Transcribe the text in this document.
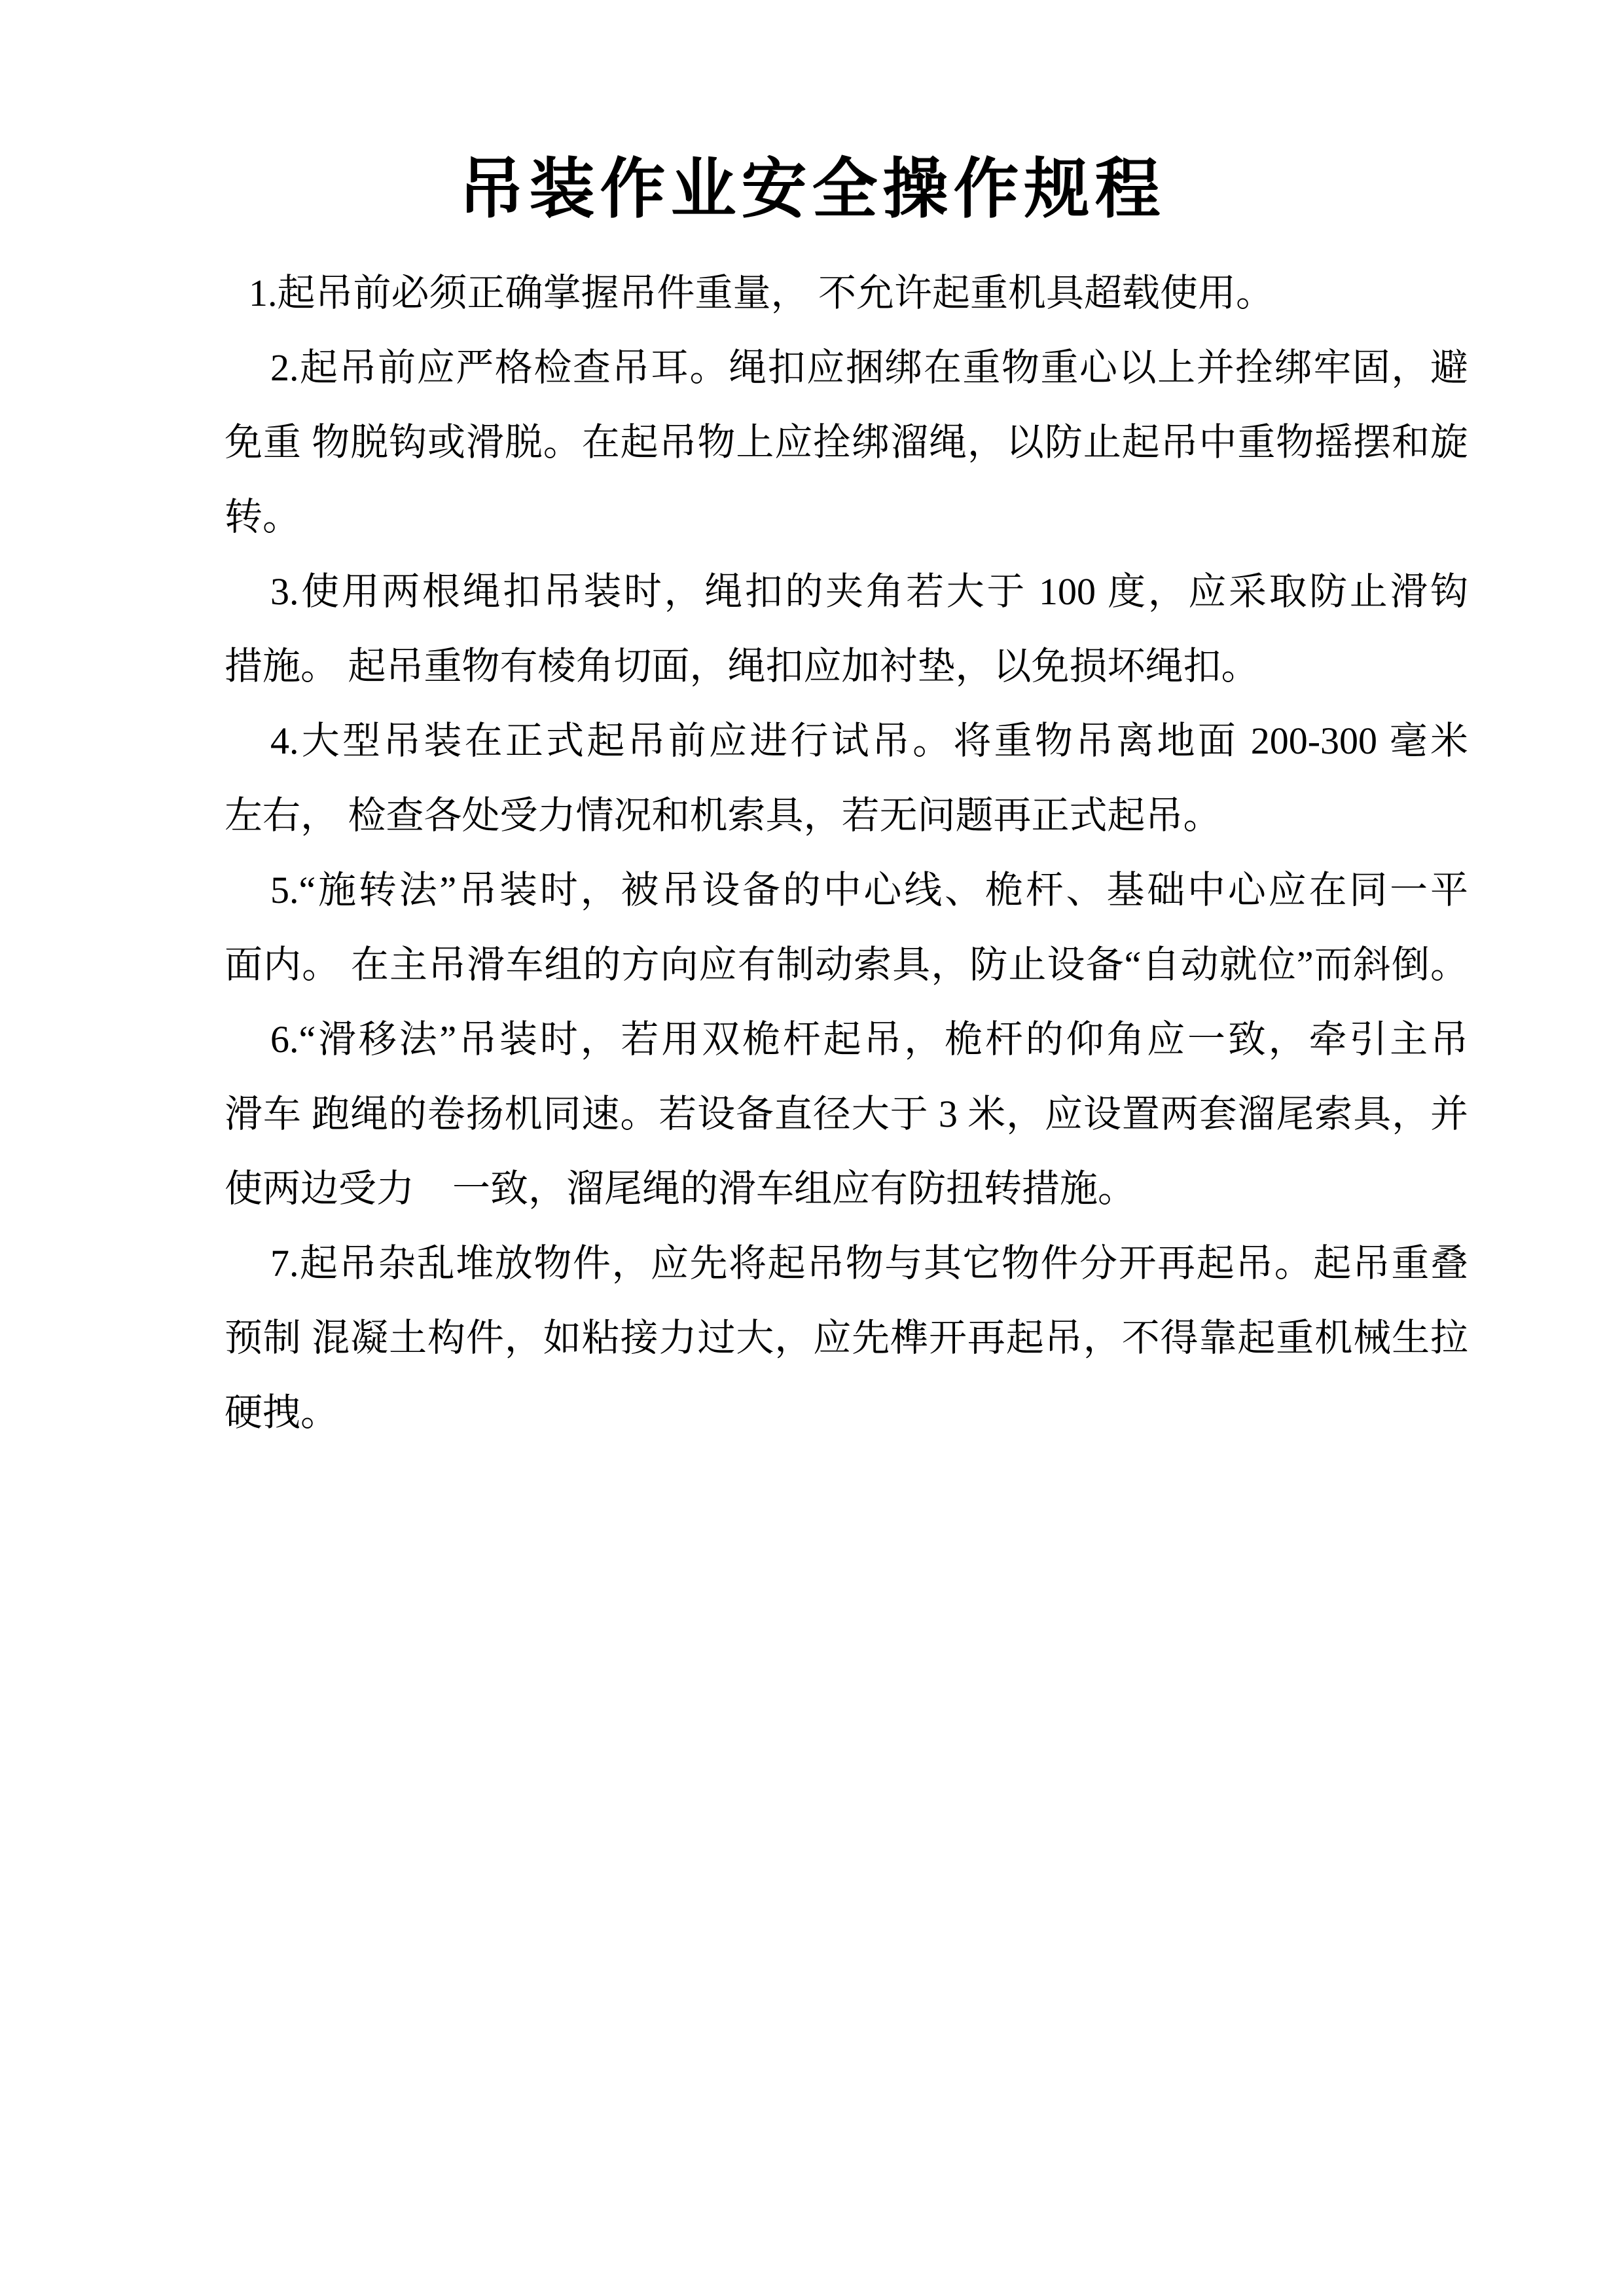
吊装作业安全操作规程
1.起吊前必须正确掌握吊件重量， 不允许起重机具超载使用。
2.起吊前应严格检查吊耳。绳扣应捆绑在重物重心以上并拴绑牢固，避
免重 物脱钩或滑脱。在起吊物上应拴绑溜绳，以防止起吊中重物摇摆和旋
转。
3.使用两根绳扣吊装时，绳扣的夹角若大于 100 度，应采取防止滑钩
措施。 起吊重物有棱角切面，绳扣应加衬垫，以免损坏绳扣。
4.大型吊装在正式起吊前应进行试吊。将重物吊离地面 200-300 毫米
左右， 检查各处受力情况和机索具，若无问题再正式起吊。
5.“施转法”吊装时，被吊设备的中心线、桅杆、基础中心应在同一平
面内。 在主吊滑车组的方向应有制动索具，防止设备“自动就位”而斜倒。
6.“滑移法”吊装时，若用双桅杆起吊，桅杆的仰角应一致，牵引主吊
滑车 跑绳的卷扬机同速。若设备直径大于 3 米，应设置两套溜尾索具，并
使两边受力　一致，溜尾绳的滑车组应有防扭转措施。
7.起吊杂乱堆放物件，应先将起吊物与其它物件分开再起吊。起吊重叠
预制 混凝土构件，如粘接力过大，应先榫开再起吊，不得靠起重机械生拉
硬拽。
